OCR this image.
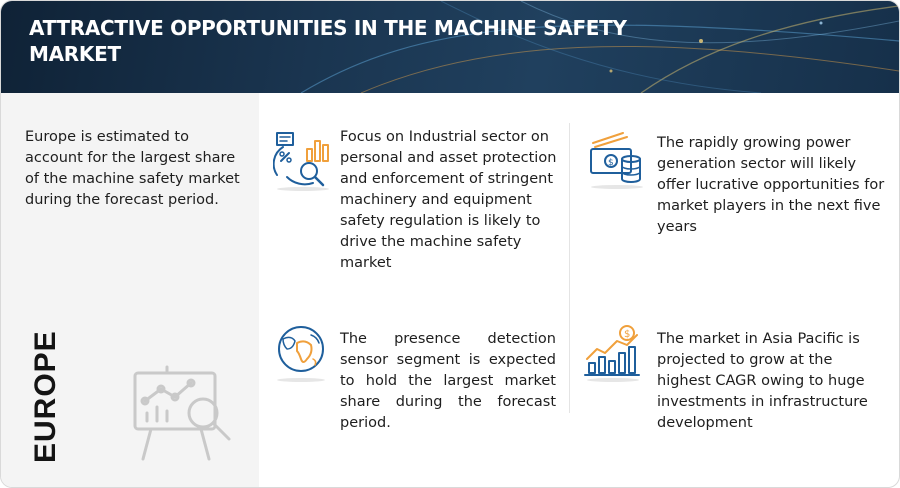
ATTRACTIVE OPPORTUNITIES IN THE MACHINE SAFETY MARKET
Europe is estimated to account for the largest share of the machine safety market during the forecast period.
EUROPE
Focus on Industrial sector on personal and asset protection
and enforcement of stringent machinery and equipment safety regulation is likely to drive the machine safety market
$
The rapidly growing power generation sector will likely offer lucrative opportunities for market players in the next five years
The presence detection sensor segment is expected to hold the largest market share during the forecast period.
$ The market in Asia Pacific is projected to grow at the highest CAGR owing to huge investments in infrastructure development
